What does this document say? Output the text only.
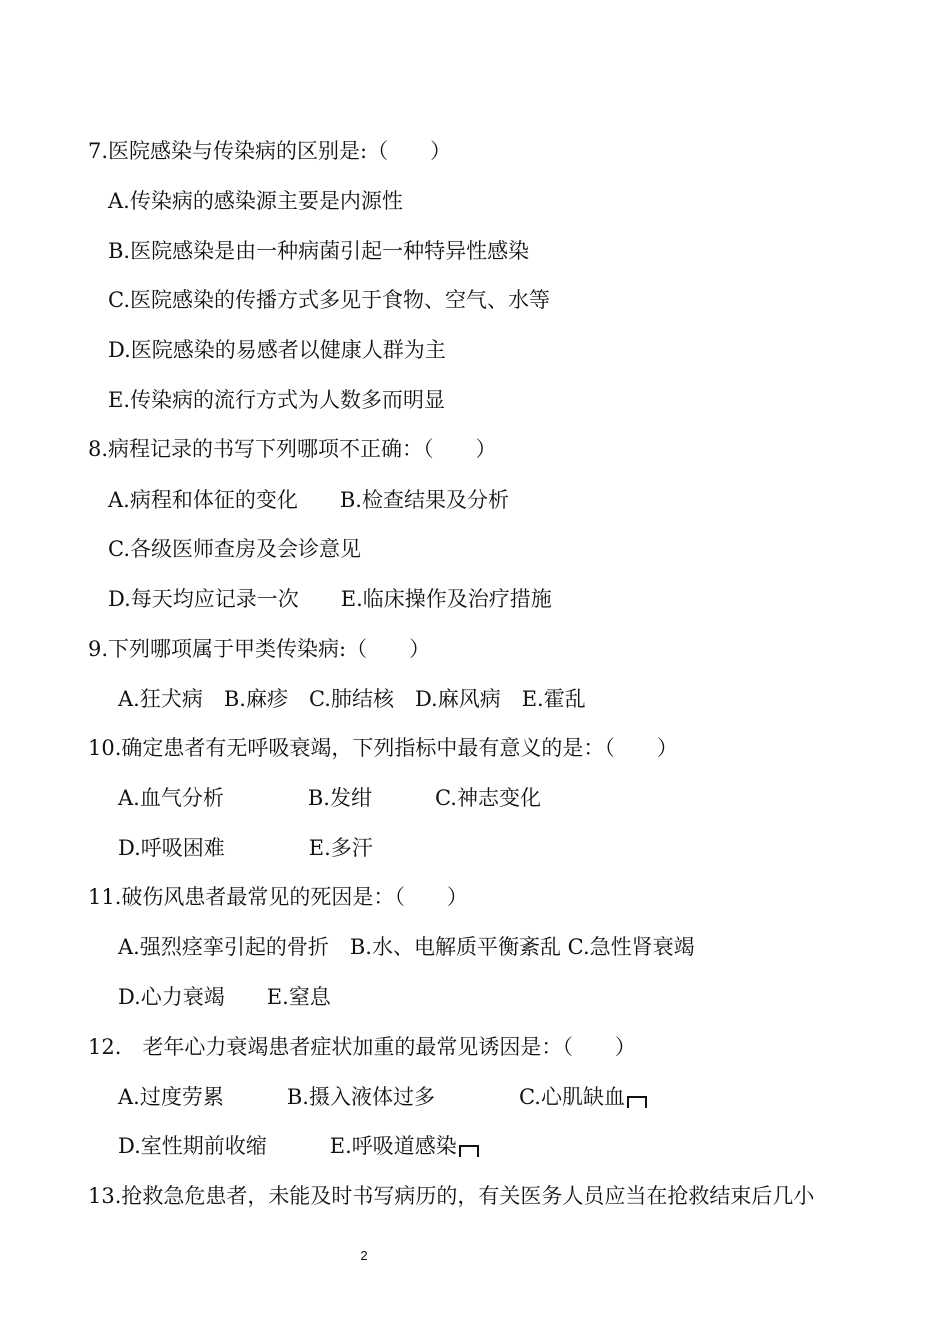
7.医院感染与传染病的区别是:（　　）
A.传染病的感染源主要是内源性
B.医院感染是由一种病菌引起一种特异性感染
C.医院感染的传播方式多见于食物、空气、水等
D.医院感染的易感者以健康人群为主
E.传染病的流行方式为人数多而明显
8.病程记录的书写下列哪项不正确：（　　）
A.病程和体征的变化　　B.检查结果及分析
C.各级医师查房及会诊意见
D.每天均应记录一次　　E.临床操作及治疗措施
9.下列哪项属于甲类传染病:（　　）
A.狂犬病　B.麻疹　C.肺结核　D.麻风病　E.霍乱
10.确定患者有无呼吸衰竭，下列指标中最有意义的是：（　　）
A.血气分析　　　　B.发绀　　　C.神志变化
D.呼吸困难　　　　E.多汗
11.破伤风患者最常见的死因是：（　　）
A.强烈痉挛引起的骨折　B.水、电解质平衡紊乱 C.急性肾衰竭
D.心力衰竭　　E.窒息
12.　老年心力衰竭患者症状加重的最常见诱因是：（　　）
A.过度劳累　　　B.摄入液体过多　　　　C.心肌缺血
D.室性期前收缩　　　E.呼吸道感染
13.抢救急危患者，未能及时书写病历的，有关医务人员应当在抢救结束后几小
2
